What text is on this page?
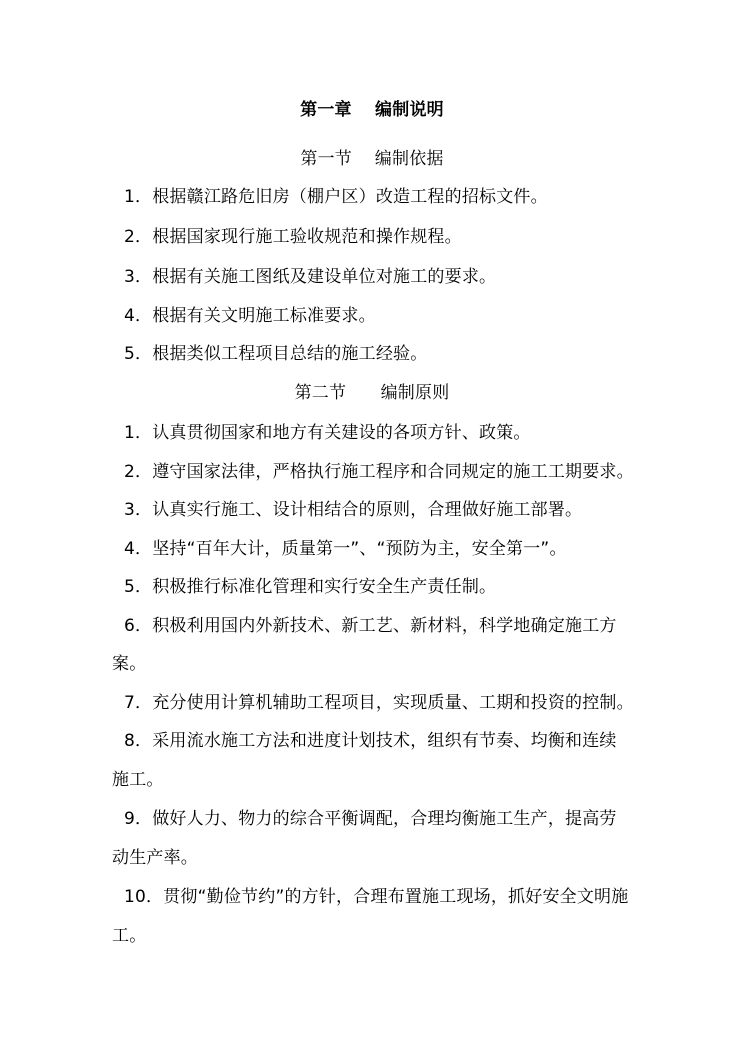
第一章　 编制说明
第一节　 编制依据
1．根据赣江路危旧房（棚户区）改造工程的招标文件。
2．根据国家现行施工验收规范和操作规程。
3．根据有关施工图纸及建设单位对施工的要求。
4．根据有关文明施工标准要求。
5．根据类似工程项目总结的施工经验。
第二节　　编制原则
1．认真贯彻国家和地方有关建设的各项方针、政策。
2．遵守国家法律，严格执行施工程序和合同规定的施工工期要求。
3．认真实行施工、设计相结合的原则，合理做好施工部署。
4．坚持“百年大计，质量第一”、“预防为主，安全第一”。
5．积极推行标准化管理和实行安全生产责任制。
6．积极利用国内外新技术、新工艺、新材料，科学地确定施工方
案。
7．充分使用计算机辅助工程项目，实现质量、工期和投资的控制。
8．采用流水施工方法和进度计划技术，组织有节奏、均衡和连续
施工。
9．做好人力、物力的综合平衡调配，合理均衡施工生产，提高劳
动生产率。
10．贯彻“勤俭节约”的方针，合理布置施工现场，抓好安全文明施
工。
